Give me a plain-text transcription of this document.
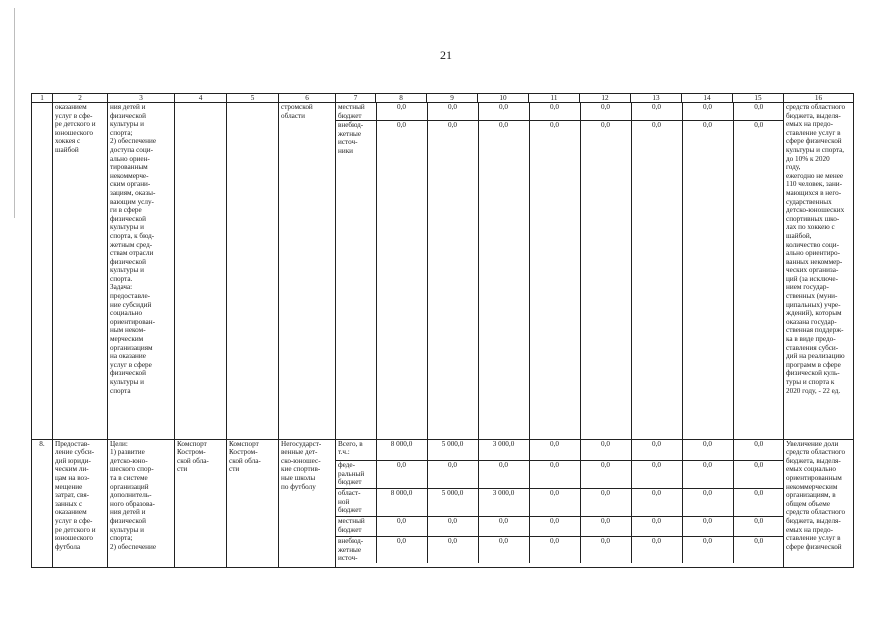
21
1	2	3	4	5	6	7	8	9	10	11	12	13	14	15	16
	оказанием
услуг в сфе-
ре детского и
юношеского
хоккея с
шайбой	ния детей и
физической
культуры и
спорта;
2) обеспечение
доступа соци-
ально ориен-
тированным
некоммерче-
ским органи-
зациям, оказы-
вающим услу-
ги в сфере
физической
культуры и
спорта, к бюд-
жетным сред-
ствам отрасли
физической
культуры и
спорта.
Задача:
предоставле-
ние субсидий
социально
ориентирован-
ным неком-
мерческим
организациям
на оказание
услуг в сфере
физической
культуры и
спорта			стромской
области	
местный
бюджет	0,0	0,0	0,0	0,0	0,0	0,0	0,0	0,0
внебюд-
жетные
источ-
ники	0,0	0,0	0,0	0,0	0,0	0,0	0,0	0,0
	средств областного
бюджета, выделя-
емых на предо-
ставление услуг в
сфере физической
культуры и спорта,
до 10% к 2020
году,
ежегодно не менее
110 человек, зани-
мающихся в него-
сударственных
детско-юношеских
спортивных шко-
лах по хоккею с
шайбой,
количество соци-
ально ориентиро-
ванных некоммер-
ческих организа-
ций (за исключе-
нием государ-
ственных (муни-
ципальных) учре-
ждений), которым
оказана государ-
ственная поддерж-
ка в виде предо-
ставления субси-
дий на реализацию
программ в сфере
физической куль-
туры и спорта к
2020 году, - 22 ед.
8.	Предостав-
ление субси-
дий юриди-
ческим ли-
цам на воз-
мещение
затрат, свя-
занных с
оказанием
услуг в сфе-
ре детского и
юношеского
футбола	Цели:
1) развитие
детско-юно-
шеского спор-
та в системе
организаций
дополнитель-
ного образова-
ния детей и
физической
культуры и
спорта;
2) обеспечение	Комспорт
Костром-
ской обла-
сти	Комспорт
Костром-
ской обла-
сти	Негосударст-
венные дет-
ско-юношес-
кие спортив-
ные школы
по футболу	
Всего, в
т.ч.:	8 000,0	5 000,0	3 000,0	0,0	0,0	0,0	0,0	0,0
феде-
ральный
бюджет	0,0	0,0	0,0	0,0	0,0	0,0	0,0	0,0
област-
ной
бюджет	8 000,0	5 000,0	3 000,0	0,0	0,0	0,0	0,0	0,0
местный
бюджет	0,0	0,0	0,0	0,0	0,0	0,0	0,0	0,0
внебюд-
жетные
источ-	0,0	0,0	0,0	0,0	0,0	0,0	0,0	0,0
	Увеличение доли
средств областного
бюджета, выделя-
емых социально
ориентированным
некоммерческим
организациям, в
общем объеме
средств областного
бюджета, выделя-
емых на предо-
ставление услуг в
сфере физической
